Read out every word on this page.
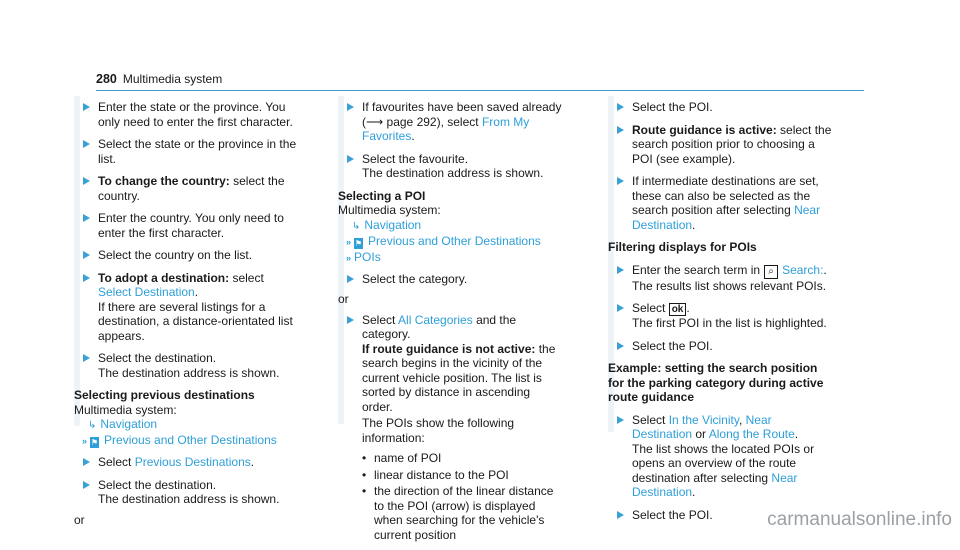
280 Multimedia system
Enter the state or the province. You only need to enter the first character.
Select the state or the province in the list.
To change the country: select the country.
Enter the country. You only need to enter the first character.
Select the country on the list.
To adopt a destination: select Select Destination.
If there are several listings for a destination, a distance-orientated list appears.
Select the destination.
The destination address is shown.
Selecting previous destinations
Multimedia system:
↳ Navigation
» ⚑ Previous and Other Destinations
Select Previous Destinations.
Select the destination.
The destination address is shown.
or
If favourites have been saved already (⟶ page 292), select From My Favorites.
Select the favourite.
The destination address is shown.
Selecting a POI
Multimedia system:
↳ Navigation
» ⚑ Previous and Other Destinations
» POIs
Select the category.
or
Select All Categories and the category.
If route guidance is not active: the search begins in the vicinity of the current vehicle position. The list is sorted by distance in ascending order.
The POIs show the following information:
• name of POI
• linear distance to the POI
• the direction of the linear distance to the POI (arrow) is displayed when searching for the vehicle's current position
Select the POI.
Route guidance is active: select the search position prior to choosing a POI (see example).
If intermediate destinations are set, these can also be selected as the search position after selecting Near Destination.
Filtering displays for POIs
Enter the search term in ⌕ Search:.
The results list shows relevant POIs.
Select ok .
The first POI in the list is highlighted.
Select the POI.
Example: setting the search position for the parking category during active route guidance
Select In the Vicinity, Near Destination or Along the Route.
The list shows the located POIs or opens an overview of the route destination after selecting Near Destination.
Select the POI.	carmanualsonline.info
